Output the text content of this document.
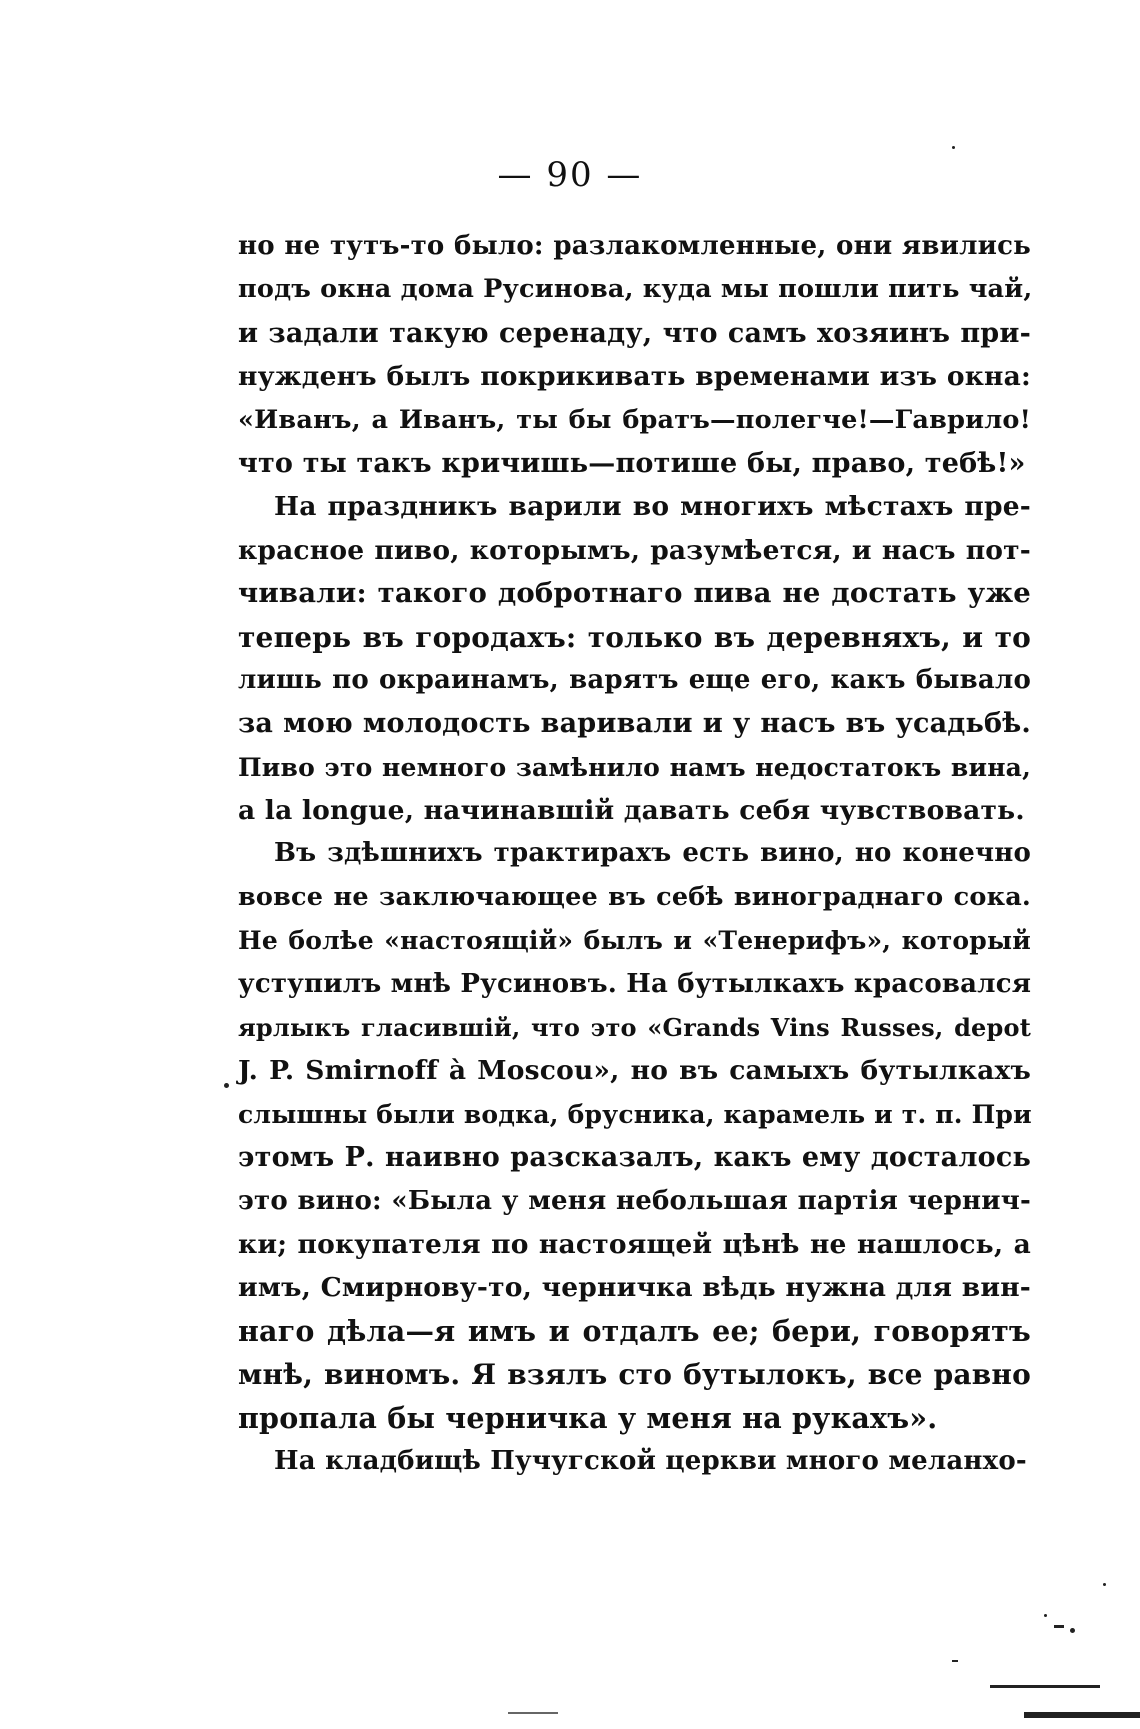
— 90 —
но не тутъ-то было: разлакомленные, они явились
подъ окна дома Русинова, куда мы пошли пить чай,
и задали такую серенаду, что самъ хозяинъ при-
нужденъ былъ покрикивать временами изъ окна:
«Иванъ, а Иванъ, ты бы братъ—полегче!—Гаврило!
что ты такъ кричишь—потише бы, право, тебѣ!»
На праздникъ варили во многихъ мѣстахъ пре-
красное пиво, которымъ, разумѣется, и насъ пот-
чивали: такого добротнаго пива не достать уже
теперь въ городахъ: только въ деревняхъ, и то
лишь по окраинамъ, варятъ еще его, какъ бывало
за мою молодость варивали и у насъ въ усадьбѣ.
Пиво это немного замѣнило намъ недостатокъ вина,
a la longue, начинавшій давать себя чувствовать.
Въ здѣшнихъ трактирахъ есть вино, но конечно
вовсе не заключающее въ себѣ винограднаго сока.
Не болѣе «настоящій» былъ и «Тенерифъ», который
уступилъ мнѣ Русиновъ. На бутылкахъ красовался
ярлыкъ гласившій, что это «Grands Vins Russes, depot
J. P. Smirnoff à Moscou», но въ самыхъ бутылкахъ
слышны были водка, брусника, карамель и т. п. При
этомъ Р. наивно разсказалъ, какъ ему досталось
это вино: «Была у меня небольшая партія чернич-
ки; покупателя по настоящей цѣнѣ не нашлось, а
имъ, Смирнову-то, черничка вѣдь нужна для вин-
наго дѣла—я имъ и отдалъ ее; бери, говорятъ
мнѣ, виномъ. Я взялъ сто бутылокъ, все равно
пропала бы черничка у меня на рукахъ».
На кладбищѣ Пучугской церкви много меланхо-
